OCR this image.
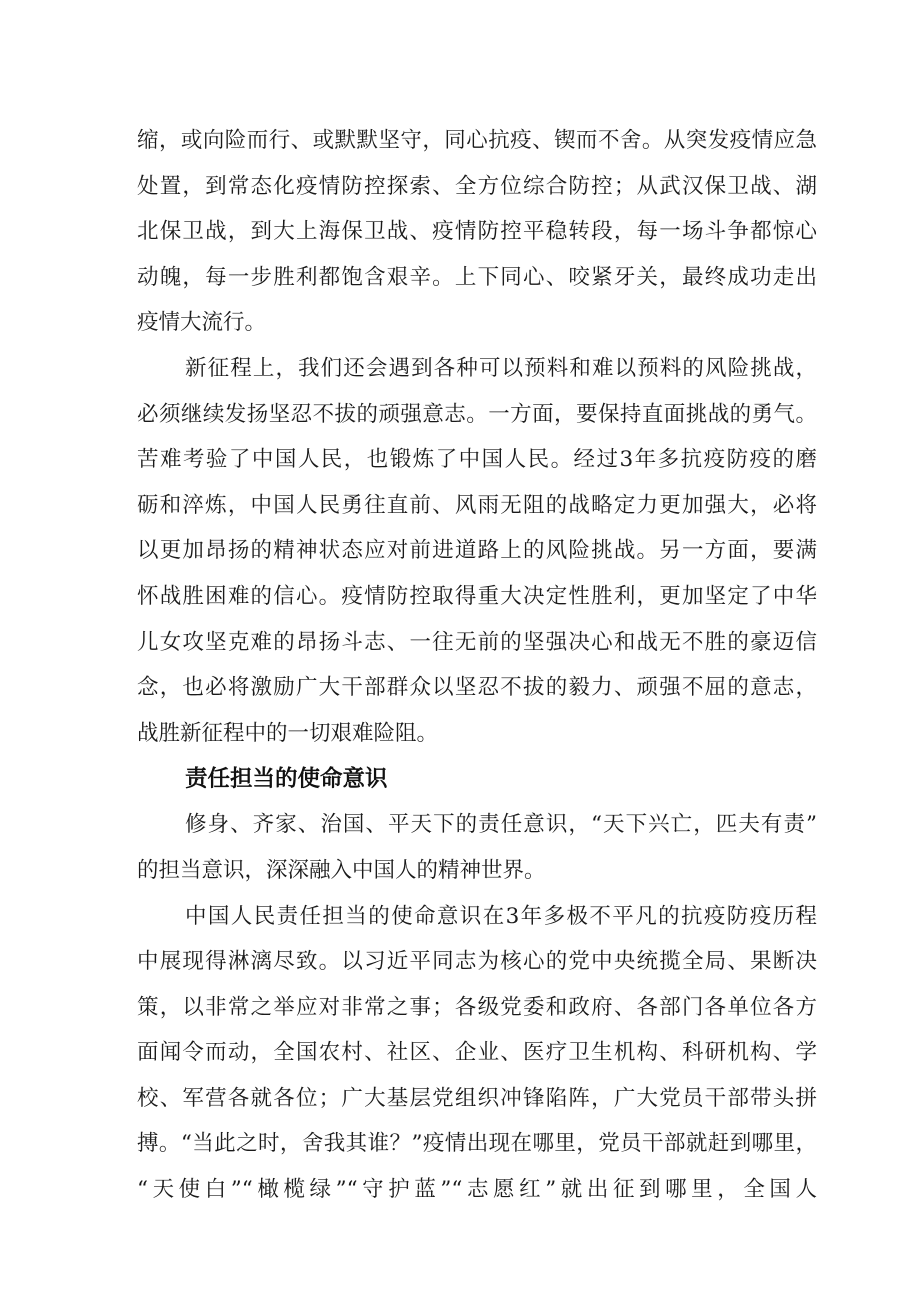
缩，或向险而行、或默默坚守，同心抗疫、锲而不舍。从突发疫情应急
处置，到常态化疫情防控探索、全方位综合防控；从武汉保卫战、湖
北保卫战，到大上海保卫战、疫情防控平稳转段，每一场斗争都惊心
动魄，每一步胜利都饱含艰辛。上下同心、咬紧牙关，最终成功走出
疫情大流行。
新征程上，我们还会遇到各种可以预料和难以预料的风险挑战，
必须继续发扬坚忍不拔的顽强意志。一方面，要保持直面挑战的勇气。
苦难考验了中国人民，也锻炼了中国人民。经过3年多抗疫防疫的磨
砺和淬炼，中国人民勇往直前、风雨无阻的战略定力更加强大，必将
以更加昂扬的精神状态应对前进道路上的风险挑战。另一方面，要满
怀战胜困难的信心。疫情防控取得重大决定性胜利，更加坚定了中华
儿女攻坚克难的昂扬斗志、一往无前的坚强决心和战无不胜的豪迈信
念，也必将激励广大干部群众以坚忍不拔的毅力、顽强不屈的意志，
战胜新征程中的一切艰难险阻。
责任担当的使命意识
修身、齐家、治国、平天下的责任意识，“天下兴亡，匹夫有责”
的担当意识，深深融入中国人的精神世界。
中国人民责任担当的使命意识在3年多极不平凡的抗疫防疫历程
中展现得淋漓尽致。以习近平同志为核心的党中央统揽全局、果断决
策，以非常之举应对非常之事；各级党委和政府、各部门各单位各方
面闻令而动，全国农村、社区、企业、医疗卫生机构、科研机构、学
校、军营各就各位；广大基层党组织冲锋陷阵，广大党员干部带头拼
搏。“当此之时，舍我其谁？”疫情出现在哪里，党员干部就赶到哪里，
“天使白”“橄榄绿”“守护蓝”“志愿红”就出征到哪里，全国人
